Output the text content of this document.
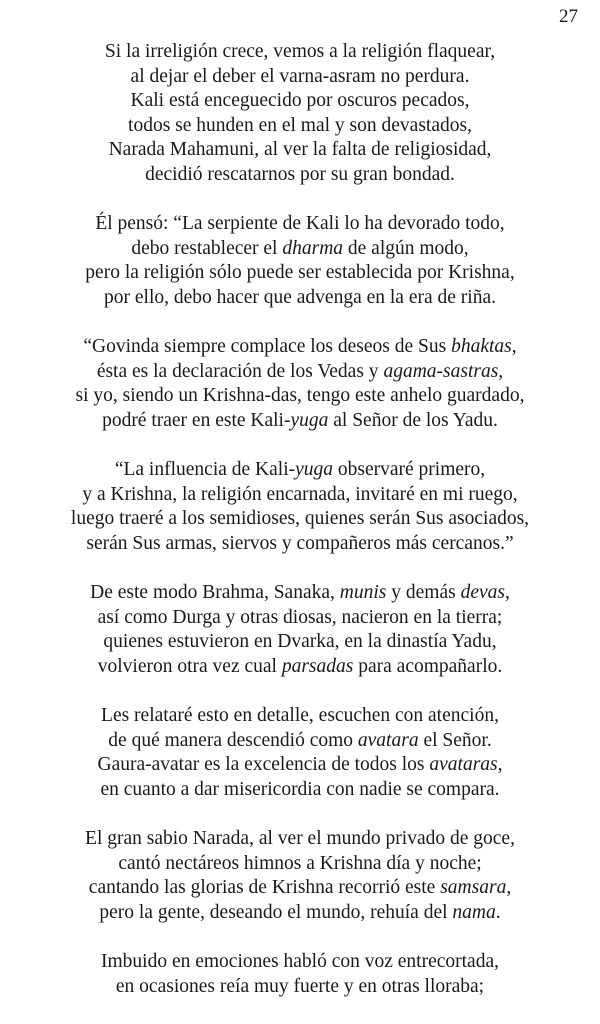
27
Si la irreligión crece, vemos a la religión flaquear,
al dejar el deber el varna-asram no perdura.
Kali está enceguecido por oscuros pecados,
todos se hunden en el mal y son devastados,
Narada Mahamuni, al ver la falta de religiosidad,
decidió rescatarnos por su gran bondad.
Él pensó: “La serpiente de Kali lo ha devorado todo,
debo restablecer el dharma de algún modo,
pero la religión sólo puede ser establecida por Krishna,
por ello, debo hacer que advenga en la era de riña.
“Govinda siempre complace los deseos de Sus bhaktas,
ésta es la declaración de los Vedas y agama-sastras,
si yo, siendo un Krishna-das, tengo este anhelo guardado,
podré traer en este Kali-yuga al Señor de los Yadu.
“La influencia de Kali-yuga observaré primero,
y a Krishna, la religión encarnada, invitaré en mi ruego,
luego traeré a los semidioses, quienes serán Sus asociados,
serán Sus armas, siervos y compañeros más cercanos.”
De este modo Brahma, Sanaka, munis y demás devas,
así como Durga y otras diosas, nacieron en la tierra;
quienes estuvieron en Dvarka, en la dinastía Yadu,
volvieron otra vez cual parsadas para acompañarlo.
Les relataré esto en detalle, escuchen con atención,
de qué manera descendió como avatara el Señor.
Gaura-avatar es la excelencia de todos los avataras,
en cuanto a dar misericordia con nadie se compara.
El gran sabio Narada, al ver el mundo privado de goce,
cantó nectáreos himnos a Krishna día y noche;
cantando las glorias de Krishna recorrió este samsara,
pero la gente, deseando el mundo, rehuía del nama.
Imbuido en emociones habló con voz entrecortada,
en ocasiones reía muy fuerte y en otras lloraba;
